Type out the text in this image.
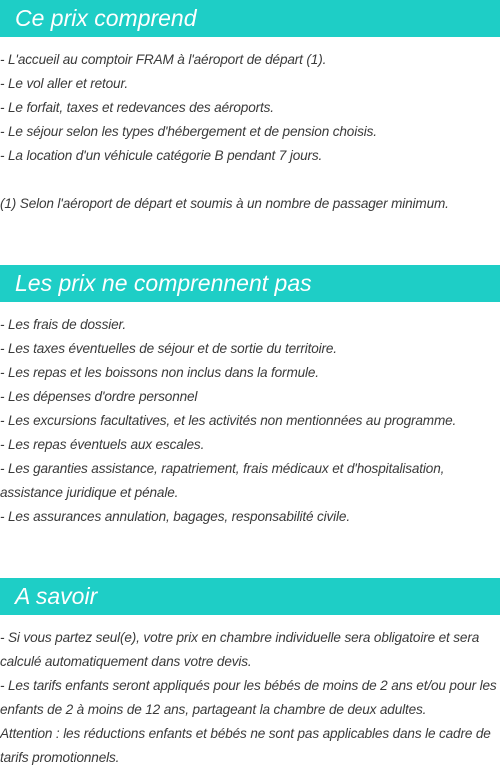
Ce prix comprend
- L'accueil au comptoir FRAM à l'aéroport de départ (1).
- Le vol aller et retour.
- Le forfait, taxes et redevances des aéroports.
- Le séjour selon les types d'hébergement et de pension choisis.
- La location d'un véhicule catégorie B pendant 7 jours.
(1) Selon l'aéroport de départ et soumis à un nombre de passager minimum.
Les prix ne comprennent pas
- Les frais de dossier.
- Les taxes éventuelles de séjour et de sortie du territoire.
- Les repas et les boissons non inclus dans la formule.
- Les dépenses d'ordre personnel
- Les excursions facultatives, et les activités non mentionnées au programme.
- Les repas éventuels aux escales.
- Les garanties assistance, rapatriement, frais médicaux et d'hospitalisation, assistance juridique et pénale.
- Les assurances annulation, bagages, responsabilité civile.
A savoir
- Si vous partez seul(e), votre prix en chambre individuelle sera obligatoire et sera calculé automatiquement dans votre devis.
- Les tarifs enfants seront appliqués pour les bébés de moins de 2 ans et/ou pour les enfants de 2 à moins de 12 ans, partageant la chambre de deux adultes.
Attention : les réductions enfants et bébés ne sont pas applicables dans le cadre de tarifs promotionnels.
